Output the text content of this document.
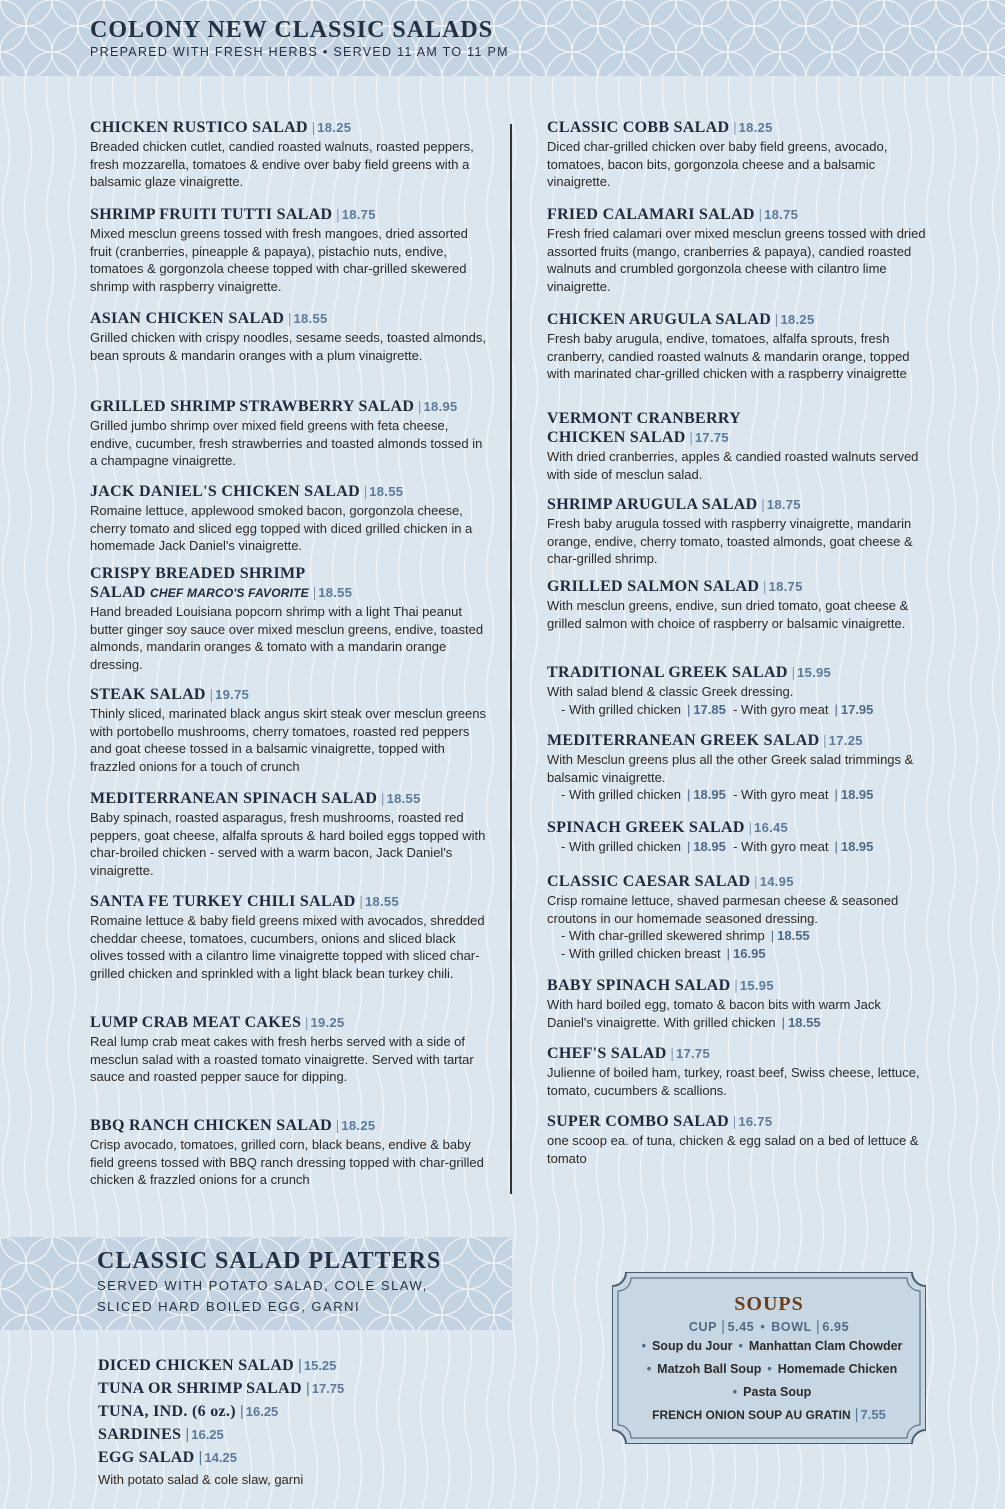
COLONY NEW CLASSIC SALADS
PREPARED WITH FRESH HERBS • SERVED 11 AM TO 11 PM
CHICKEN RUSTICO SALAD | 18.25
Breaded chicken cutlet, candied roasted walnuts, roasted peppers, fresh mozzarella, tomatoes & endive over baby field greens with a balsamic glaze vinaigrette.
SHRIMP FRUITI TUTTI SALAD | 18.75
Mixed mesclun greens tossed with fresh mangoes, dried assorted fruit (cranberries, pineapple & papaya), pistachio nuts, endive, tomatoes & gorgonzola cheese topped with char-grilled skewered shrimp with raspberry vinaigrette.
ASIAN CHICKEN SALAD | 18.55
Grilled chicken with crispy noodles, sesame seeds, toasted almonds, bean sprouts & mandarin oranges with a plum vinaigrette.
GRILLED SHRIMP STRAWBERRY SALAD | 18.95
Grilled jumbo shrimp over mixed field greens with feta cheese, endive, cucumber, fresh strawberries and toasted almonds tossed in a champagne vinaigrette.
JACK DANIEL'S CHICKEN SALAD | 18.55
Romaine lettuce, applewood smoked bacon, gorgonzola cheese, cherry tomato and sliced egg topped with diced grilled chicken in a homemade Jack Daniel's vinaigrette.
CRISPY BREADED SHRIMP
SALAD CHEF MARCO'S FAVORITE | 18.55
Hand breaded Louisiana popcorn shrimp with a light Thai peanut butter ginger soy sauce over mixed mesclun greens, endive, toasted almonds, mandarin oranges & tomato with a mandarin orange dressing.
STEAK SALAD | 19.75
Thinly sliced, marinated black angus skirt steak over mesclun greens with portobello mushrooms, cherry tomatoes, roasted red peppers and goat cheese tossed in a balsamic vinaigrette, topped with frazzled onions for a touch of crunch
MEDITERRANEAN SPINACH SALAD | 18.55
Baby spinach, roasted asparagus, fresh mushrooms, roasted red peppers, goat cheese, alfalfa sprouts & hard boiled eggs topped with char-broiled chicken - served with a warm bacon, Jack Daniel's vinaigrette.
SANTA FE TURKEY CHILI SALAD | 18.55
Romaine lettuce & baby field greens mixed with avocados, shredded cheddar cheese, tomatoes, cucumbers, onions and sliced black olives tossed with a cilantro lime vinaigrette topped with sliced char-grilled chicken and sprinkled with a light black bean turkey chili.
LUMP CRAB MEAT CAKES | 19.25
Real lump crab meat cakes with fresh herbs served with a side of mesclun salad with a roasted tomato vinaigrette. Served with tartar sauce and roasted pepper sauce for dipping.
BBQ RANCH CHICKEN SALAD | 18.25
Crisp avocado, tomatoes, grilled corn, black beans, endive & baby field greens tossed with BBQ ranch dressing topped with char-grilled chicken & frazzled onions for a crunch
CLASSIC COBB SALAD | 18.25
Diced char-grilled chicken over baby field greens, avocado, tomatoes, bacon bits, gorgonzola cheese and a balsamic vinaigrette.
FRIED CALAMARI SALAD | 18.75
Fresh fried calamari over mixed mesclun greens tossed with dried assorted fruits (mango, cranberries & papaya), candied roasted walnuts and crumbled gorgonzola cheese with cilantro lime vinaigrette.
CHICKEN ARUGULA SALAD | 18.25
Fresh baby arugula, endive, tomatoes, alfalfa sprouts, fresh cranberry, candied roasted walnuts & mandarin orange, topped with marinated char-grilled chicken with a raspberry vinaigrette
VERMONT CRANBERRY
CHICKEN SALAD | 17.75
With dried cranberries, apples & candied roasted walnuts served with side of mesclun salad.
SHRIMP ARUGULA SALAD | 18.75
Fresh baby arugula tossed with raspberry vinaigrette, mandarin orange, endive, cherry tomato, toasted almonds, goat cheese & char-grilled shrimp.
GRILLED SALMON SALAD | 18.75
With mesclun greens, endive, sun dried tomato, goat cheese & grilled salmon with choice of raspberry or balsamic vinaigrette.
TRADITIONAL GREEK SALAD | 15.95
With salad blend & classic Greek dressing.
- With grilled chicken | 17.85 - With gyro meat | 17.95
MEDITERRANEAN GREEK SALAD | 17.25
With Mesclun greens plus all the other Greek salad trimmings & balsamic vinaigrette.
- With grilled chicken | 18.95 - With gyro meat | 18.95
SPINACH GREEK SALAD | 16.45
- With grilled chicken | 18.95 - With gyro meat | 18.95
CLASSIC CAESAR SALAD | 14.95
Crisp romaine lettuce, shaved parmesan cheese & seasoned croutons in our homemade seasoned dressing.
- With char-grilled skewered shrimp | 18.55
- With grilled chicken breast | 16.95
BABY SPINACH SALAD | 15.95
With hard boiled egg, tomato & bacon bits with warm Jack Daniel's vinaigrette. With grilled chicken | 18.55
CHEF'S SALAD | 17.75
Julienne of boiled ham, turkey, roast beef, Swiss cheese, lettuce, tomato, cucumbers & scallions.
SUPER COMBO SALAD | 16.75
one scoop ea. of tuna, chicken & egg salad on a bed of lettuce & tomato
CLASSIC SALAD PLATTERS
SERVED WITH POTATO SALAD, COLE SLAW,
SLICED HARD BOILED EGG, GARNI
DICED CHICKEN SALAD | 15.25
TUNA OR SHRIMP SALAD | 17.75
TUNA, IND. (6 oz.) | 16.25
SARDINES | 16.25
EGG SALAD | 14.25
With potato salad & cole slaw, garni
SOUPS
CUP | 5.45 • BOWL | 6.95
• Soup du Jour • Manhattan Clam Chowder
• Matzoh Ball Soup • Homemade Chicken
• Pasta Soup
FRENCH ONION SOUP AU GRATIN | 7.55
